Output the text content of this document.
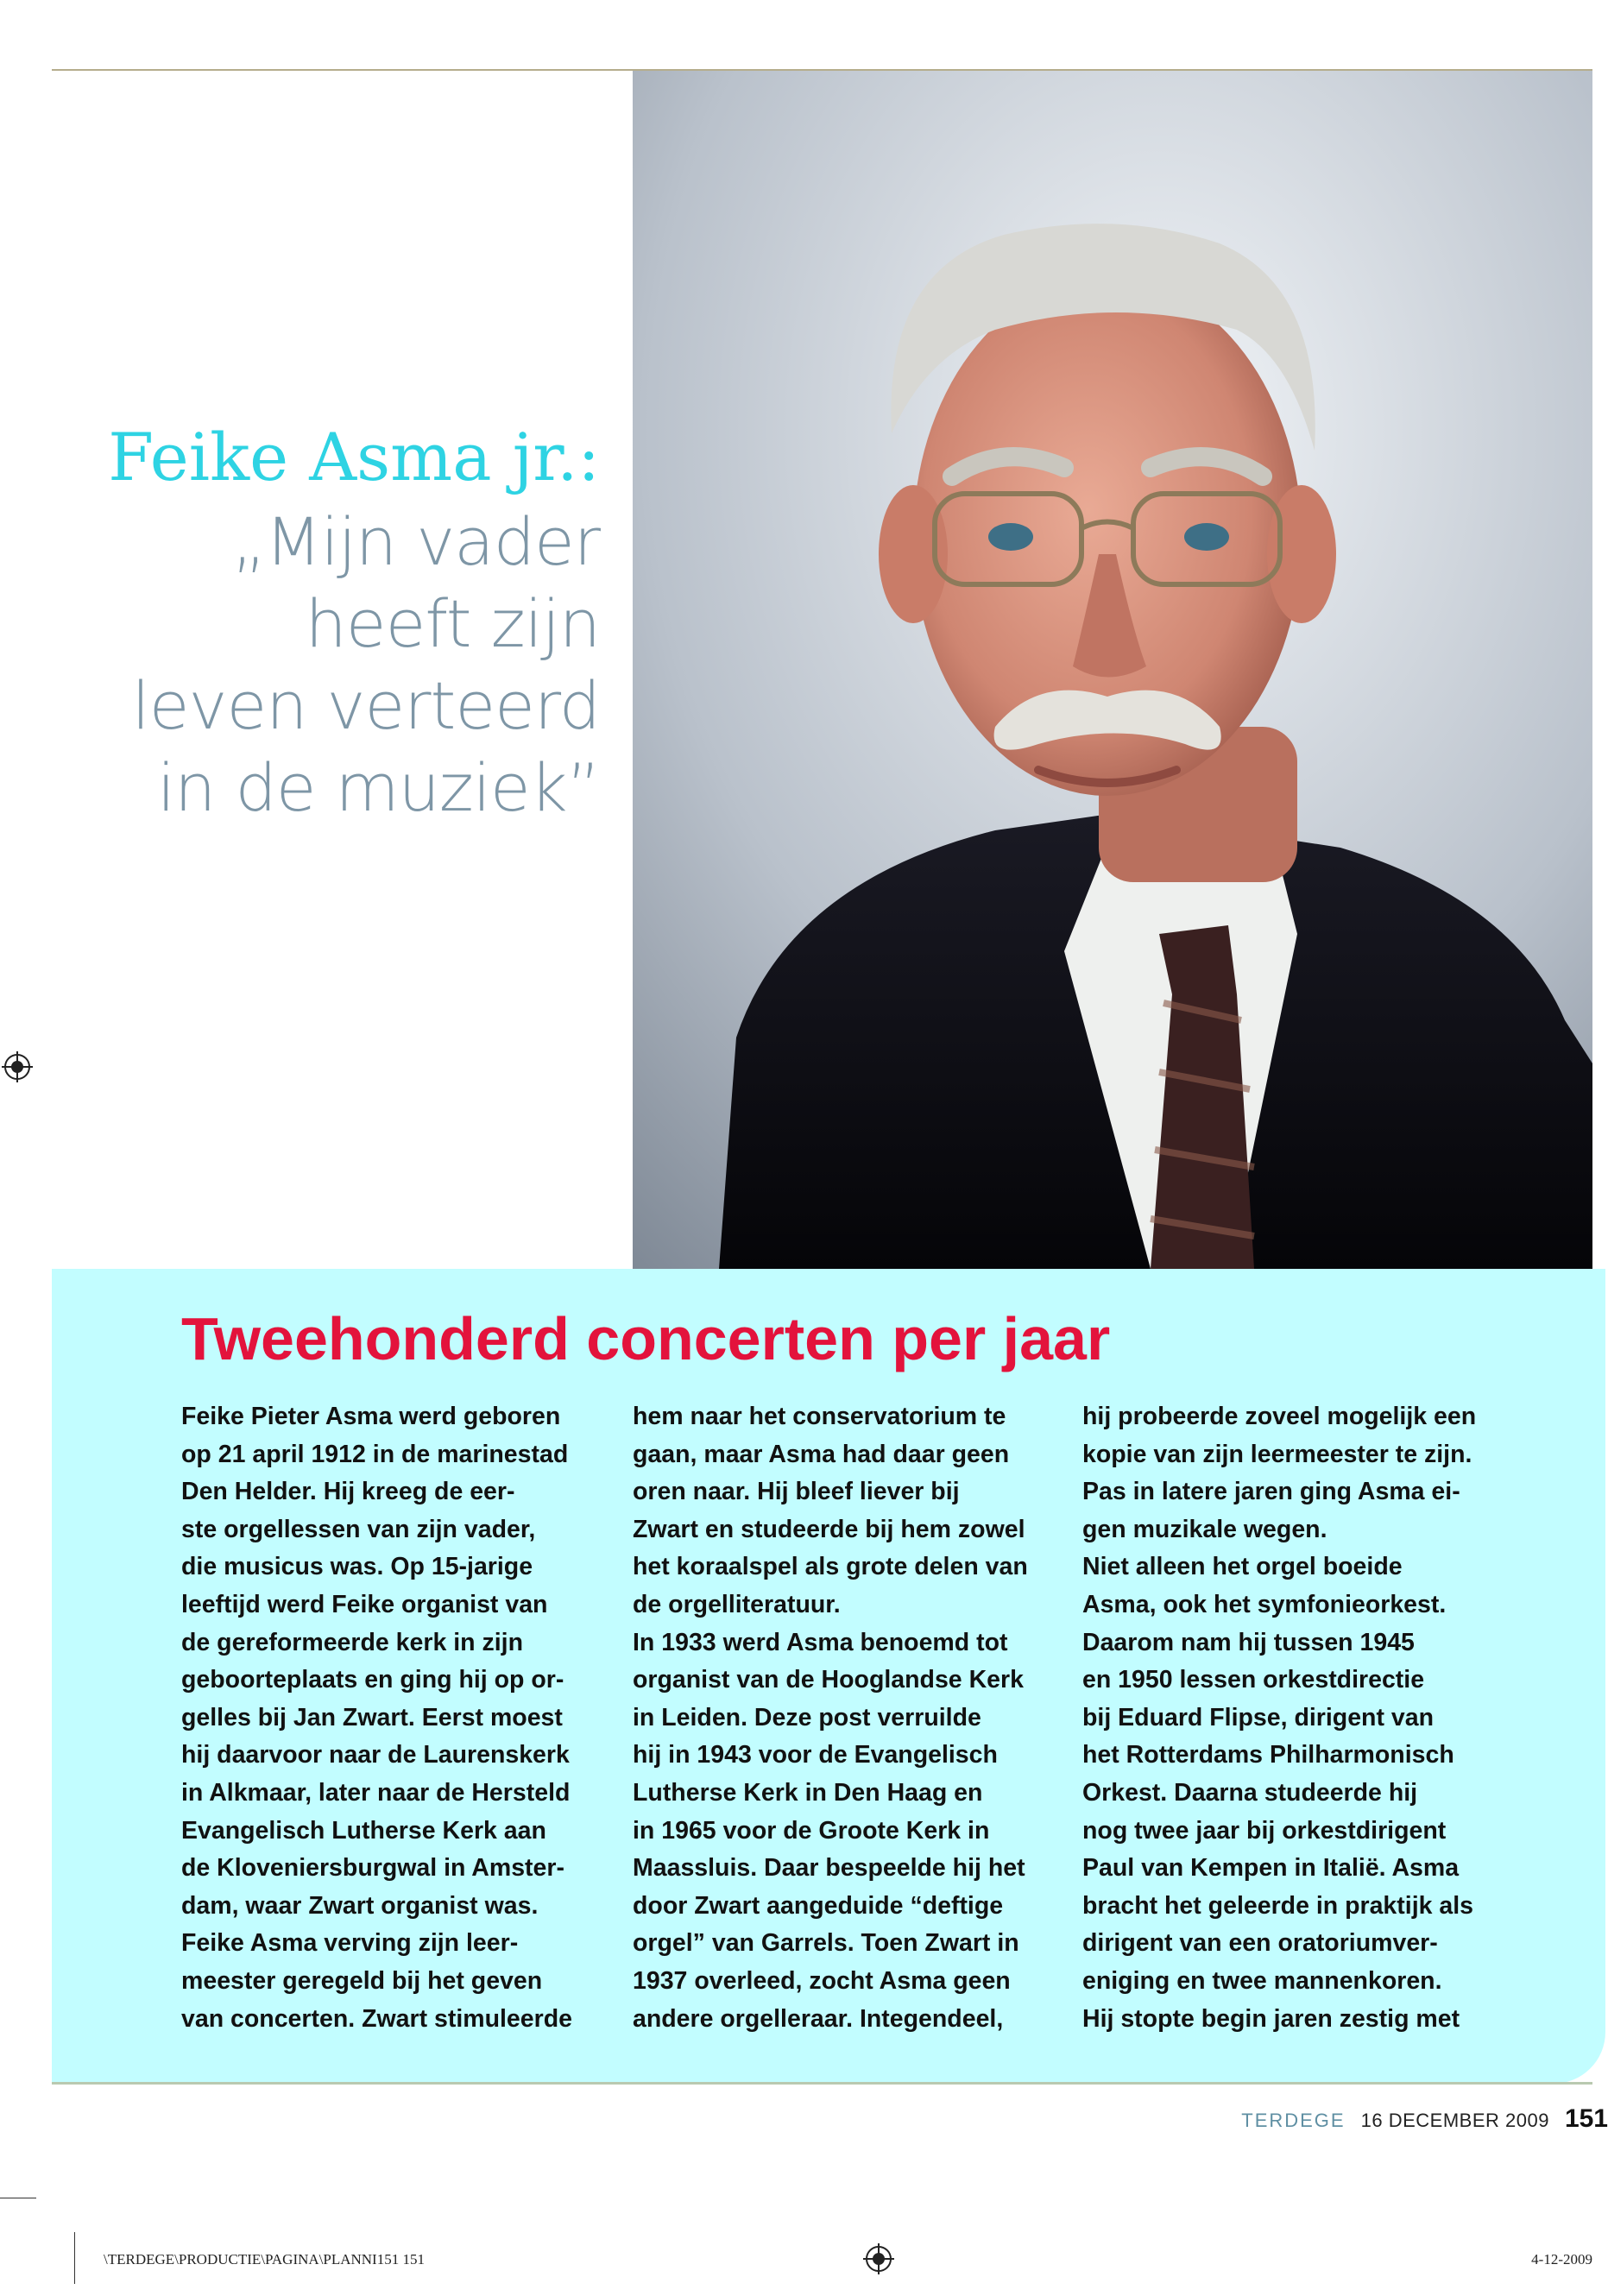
Feike Asma jr.:
„Mijn vader
heeft zijn
leven verteerd
in de muziek”
Tweehonderd concerten per jaar
Feike Pieter Asma werd geboren
op 21 april 1912 in de marinestad
Den Helder. Hij kreeg de eer-
ste orgellessen van zijn vader,
die musicus was. Op 15-jarige
leeftijd werd Feike organist van
de gereformeerde kerk in zijn
geboorteplaats en ging hij op or-
gelles bij Jan Zwart. Eerst moest
hij daarvoor naar de Laurenskerk
in Alkmaar, later naar de Hersteld
Evangelisch Lutherse Kerk aan
de Kloveniersburgwal in Amster-
dam, waar Zwart organist was.
Feike Asma verving zijn leer-
meester geregeld bij het geven
van concerten. Zwart stimuleerde
hem naar het conservatorium te
gaan, maar Asma had daar geen
oren naar. Hij bleef liever bij
Zwart en studeerde bij hem zowel
het koraalspel als grote delen van
de orgelliteratuur.
In 1933 werd Asma benoemd tot
organist van de Hooglandse Kerk
in Leiden. Deze post verruilde
hij in 1943 voor de Evangelisch
Lutherse Kerk in Den Haag en
in 1965 voor de Groote Kerk in
Maassluis. Daar bespeelde hij het
door Zwart aangeduide “deftige
orgel” van Garrels. Toen Zwart in
1937 overleed, zocht Asma geen
andere orgelleraar. Integendeel,
hij probeerde zoveel mogelijk een
kopie van zijn leermeester te zijn.
Pas in latere jaren ging Asma ei-
gen muzikale wegen.
Niet alleen het orgel boeide
Asma, ook het symfonieorkest.
Daarom nam hij tussen 1945
en 1950 lessen orkestdirectie
bij Eduard Flipse, dirigent van
het Rotterdams Philharmonisch
Orkest. Daarna studeerde hij
nog twee jaar bij orkestdirigent
Paul van Kempen in Italië. Asma
bracht het geleerde in praktijk als
dirigent van een oratoriumver-
eniging en twee mannenkoren.
Hij stopte begin jaren zestig met
TERDEGE 16 DECEMBER 2009 151
\TERDEGE\PRODUCTIE\PAGINA\PLANNI151 151	4-12-2009
